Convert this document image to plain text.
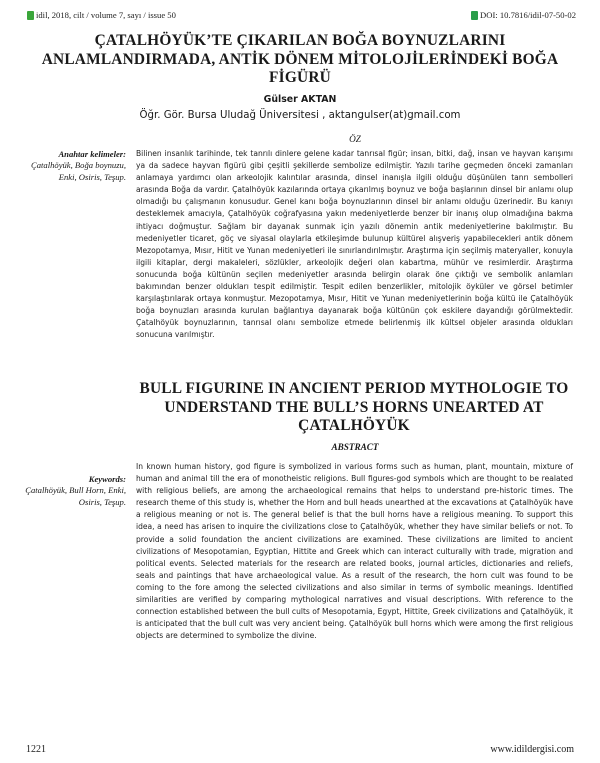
idil, 2018, cilt / volume 7, sayı / issue 50	DOI: 10.7816/idil-07-50-02
ÇATALHÖYÜK’TE ÇIKARILAN BOĞA BOYNUZLARINI ANLAMLANDIRMADA, ANTİK DÖNEM MİTOLOJİLERİNDEKİ BOĞA FİGÜRÜ
Gülser AKTAN
Öğr. Gör. Bursa Uludağ Üniversitesi , aktangulser(at)gmail.com
ÖZ
Anahtar kelimeler:
Çatalhöyük, Boğa boynuzu, Enki, Osiris, Teşup.
Bilinen insanlık tarihinde, tek tanrılı dinlere gelene kadar tanrısal figür; insan, bitki, dağ, insan ve hayvan karışımı ya da sadece hayvan figürü gibi çeşitli şekillerde sembolize edilmiştir. Yazılı tarihe geçmeden önceki zamanları anlamaya yardımcı olan arkeolojik kalıntılar arasında, dinsel inanışla ilgili olduğu düşünülen tanrı sembolleri arasında Boğa da vardır. Çatalhöyük kazılarında ortaya çıkarılmış boynuz ve boğa başlarının dinsel bir anlamı olup olmadığı bu çalışmanın konusudur. Genel kanı boğa boynuzlarının dinsel bir anlamı olduğu üzerinedir. Bu kanıyı desteklemek amacıyla, Çatalhöyük coğrafyasına yakın medeniyetlerde benzer bir inanış olup olmadığına bakma ihtiyacı doğmuştur. Sağlam bir dayanak sunmak için yazılı dönemin antik medeniyetlerine bakılmıştır. Bu medeniyetler ticaret, göç ve siyasal olaylarla etkileşimde bulunup kültürel alışveriş yapabilecekleri antik dönem Mezopotamya, Mısır, Hitit ve Yunan medeniyetleri ile sınırlandırılmıştır. Araştırma için seçilmiş materyaller, konuyla ilgili kitaplar, dergi makaleleri, sözlükler, arkeolojik değeri olan kabartma, mühür ve resimlerdir. Araştırma sonucunda boğa kültünün seçilen medeniyetler arasında belirgin olarak öne çıktığı ve sembolik anlamları bakımından benzer oldukları tespit edilmiştir. Tespit edilen benzerlikler, mitolojik öyküler ve görsel betimler karşılaştırılarak ortaya konmuştur. Mezopotamya, Mısır, Hitit ve Yunan medeniyetlerinin boğa kültü ile Çatalhöyük boğa boynuzları arasında kurulan bağlantıya dayanarak boğa kültünün çok eskilere dayandığı görülmektedir. Çatalhöyük boynuzlarının, tanrısal olanı sembolize etmede belirlenmiş ilk kültsel objeler arasında oldukları sonucuna varılmıştır.
BULL FIGURINE IN ANCIENT PERIOD MYTHOLOGIE TO UNDERSTAND THE BULL’S HORNS UNEARTED AT ÇATALHÖYÜK
ABSTRACT
Keywords:
Çatalhöyük, Bull Horn, Enki, Osiris, Teşup.
In known human history, god figure is symbolized in various forms such as human, plant, mountain, mixture of human and animal till the era of monotheistic religions. Bull figures-god symbols which are thought to be realated with religious beliefs, are among the archaeological remains that helps to understand pre-historic times. The research theme of this study is, whether the Horn and bull heads unearthed at the excavations at Çatalhöyük have a religious meaning or not is. The general belief is that the bull horns have a religious meaning. To support this idea, a need has arisen to inquire the civilizations close to Çatalhöyük, whether they have similar beliefs or not. To provide a solid foundation the ancient civilizations are examined. These civilizations are limited to ancient civilizations of Mesopotamian, Egyptian, Hittite and Greek which can interact culturally with trade, migration and political events. Selected materials for the research are related books, journal articles, dictionaries and reliefs, seals and paintings that have archaeological value. As a result of the research, the horn cult was found to be coming to the fore among the selected civilizations and also similar in terms of symbolic meanings. Identified similarities are verified by comparing mythological narratives and visual descriptions. With reference to the connection established between the bull cults of Mesopotamia, Egypt, Hittite, Greek civilizations and Çatalhöyük, it is anticipated that the bull cult was very ancient being. Çatalhöyük bull horns which were among the first religious objects are determined to symbolize the divine.
1221	www.idildergisi.com
